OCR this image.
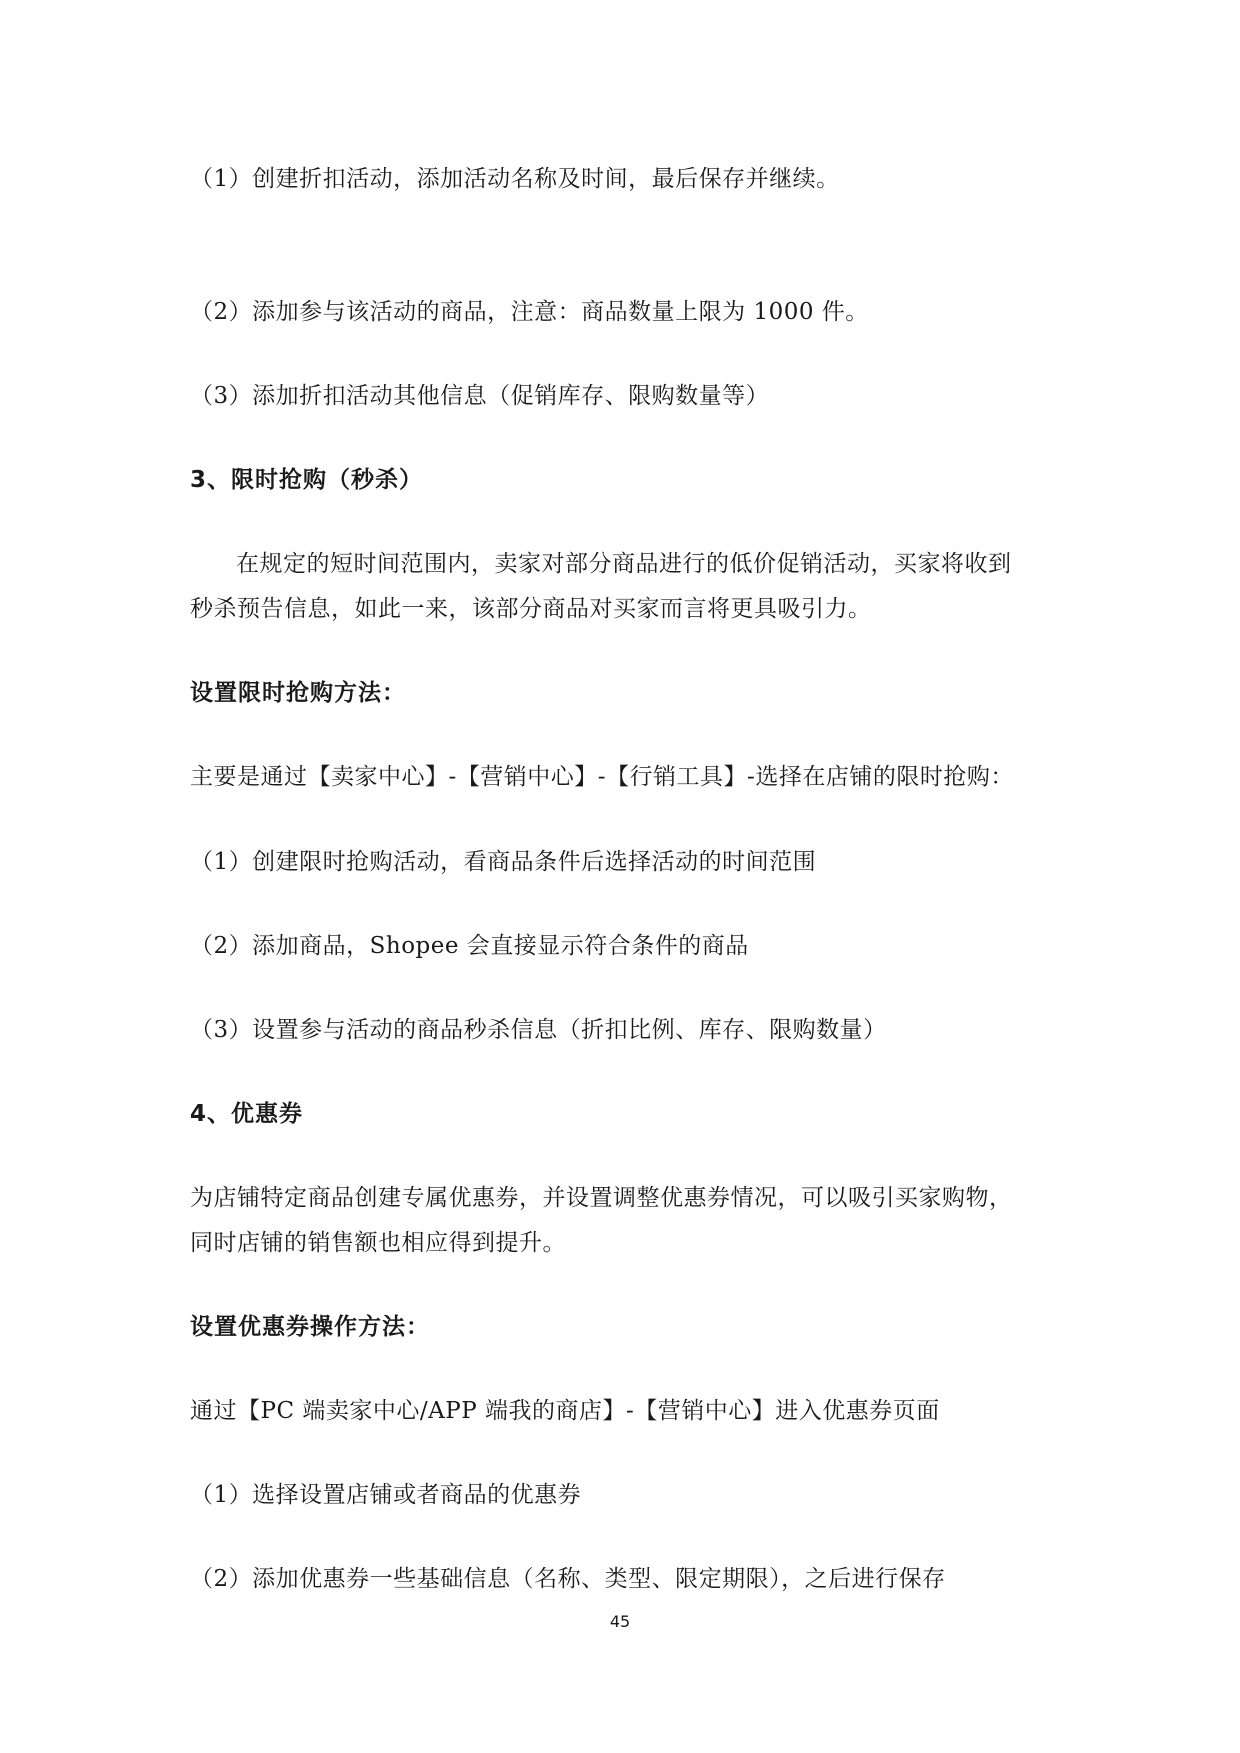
（1）创建折扣活动，添加活动名称及时间，最后保存并继续。
（2）添加参与该活动的商品，注意：商品数量上限为 1000 件。
（3）添加折扣活动其他信息（促销库存、限购数量等）
3、限时抢购（秒杀）
在规定的短时间范围内，卖家对部分商品进行的低价促销活动，买家将收到
秒杀预告信息，如此一来，该部分商品对买家而言将更具吸引力。
设置限时抢购方法：
主要是通过【卖家中心】-【营销中心】-【行销工具】-选择在店铺的限时抢购：
（1）创建限时抢购活动，看商品条件后选择活动的时间范围
（2）添加商品，Shopee 会直接显示符合条件的商品
（3）设置参与活动的商品秒杀信息（折扣比例、库存、限购数量）
4、优惠券
为店铺特定商品创建专属优惠券，并设置调整优惠券情况，可以吸引买家购物，
同时店铺的销售额也相应得到提升。
设置优惠券操作方法：
通过【PC 端卖家中心/APP 端我的商店】-【营销中心】进入优惠券页面
（1）选择设置店铺或者商品的优惠券
（2）添加优惠券一些基础信息（名称、类型、限定期限），之后进行保存
45
